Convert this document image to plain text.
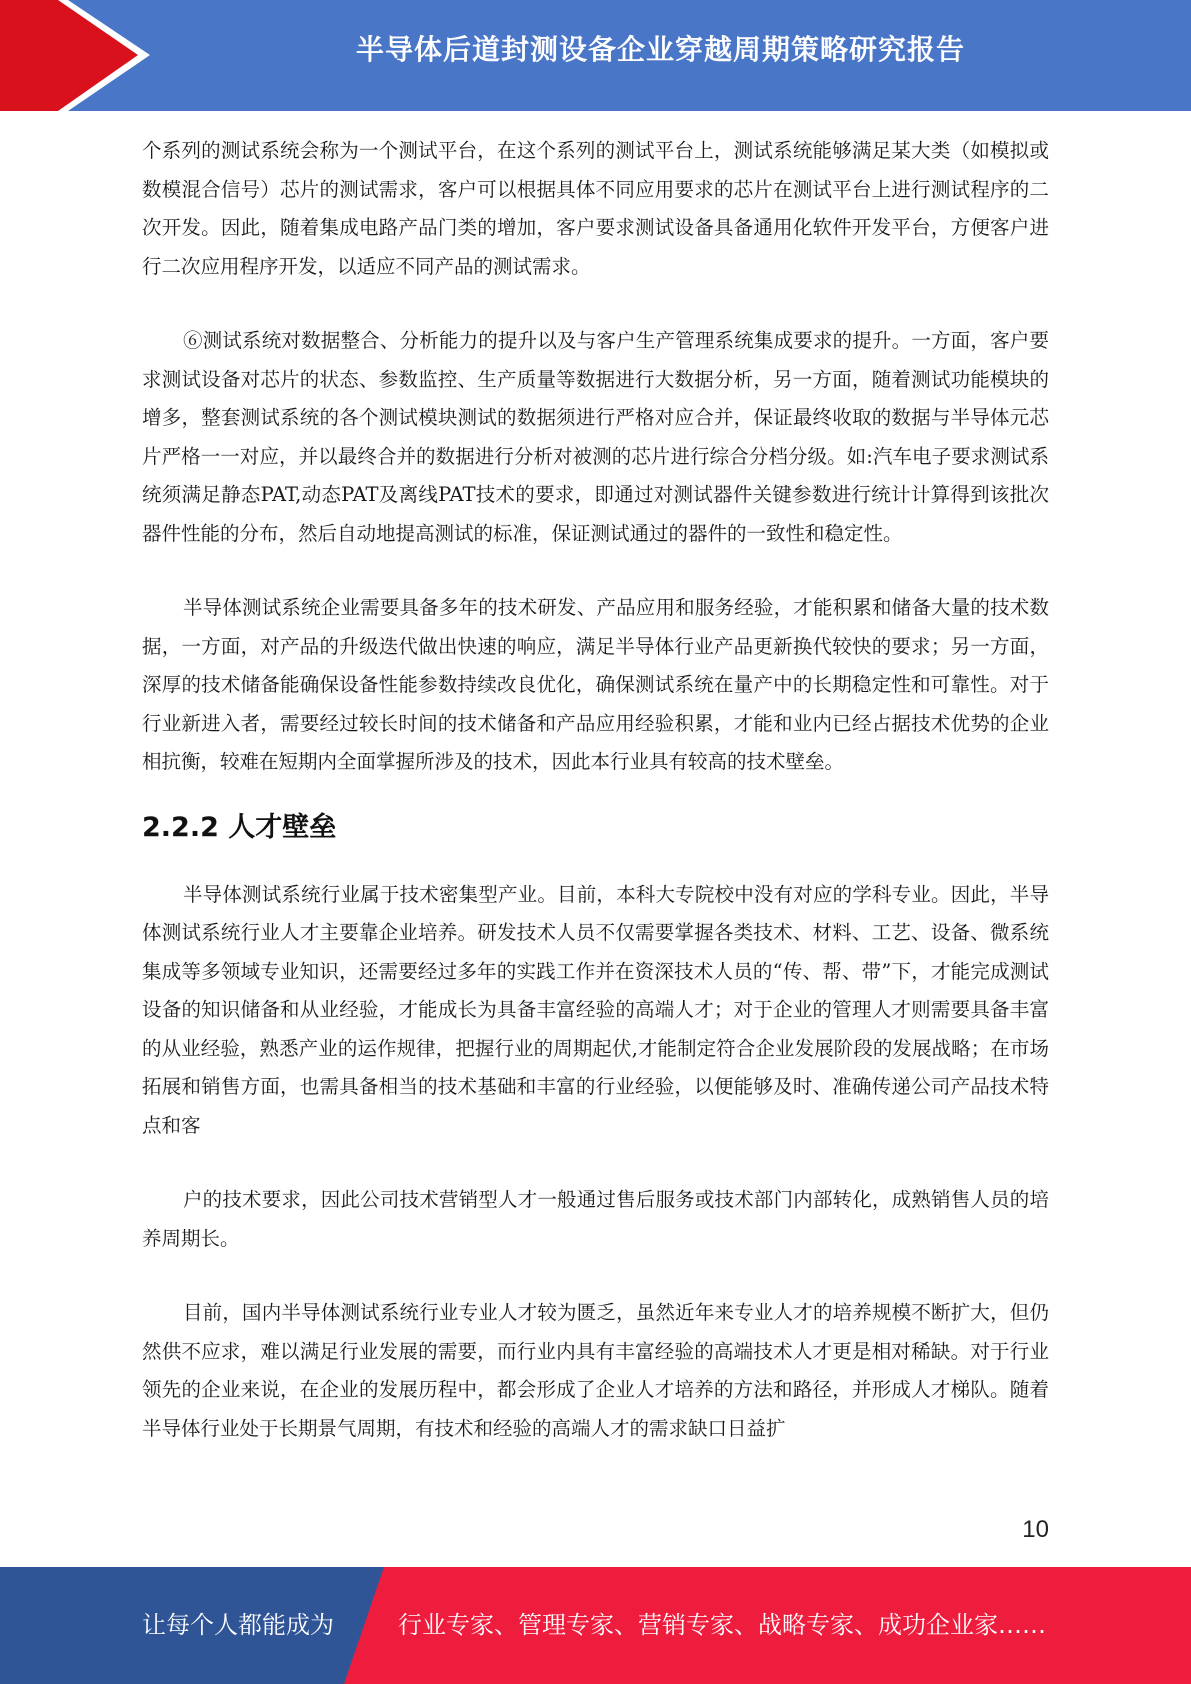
半导体后道封测设备企业穿越周期策略研究报告

个系列的测试系统会称为一个测试平台，在这个系列的测试平台上，测试系统能够满足某大类（如模拟或数模混合信号）芯片的测试需求，客户可以根据具体不同应用要求的芯片在测试平台上进行测试程序的二次开发。因此，随着集成电路产品门类的增加，客户要求测试设备具备通用化软件开发平台，方便客户进行二次应用程序开发，以适应不同产品的测试需求。

⑥测试系统对数据整合、分析能力的提升以及与客户生产管理系统集成要求的提升。一方面，客户要求测试设备对芯片的状态、参数监控、生产质量等数据进行大数据分析，另一方面，随着测试功能模块的增多，整套测试系统的各个测试模块测试的数据须进行严格对应合并，保证最终收取的数据与半导体元芯片严格一一对应，并以最终合并的数据进行分析对被测的芯片进行综合分档分级。如:汽车电子要求测试系统须满足静态PAT,动态PAT及离线PAT技术的要求，即通过对测试器件关键参数进行统计计算得到该批次器件性能的分布，然后自动地提高测试的标准，保证测试通过的器件的一致性和稳定性。

半导体测试系统企业需要具备多年的技术研发、产品应用和服务经验，才能积累和储备大量的技术数据，一方面，对产品的升级迭代做出快速的响应，满足半导体行业产品更新换代较快的要求；另一方面，深厚的技术储备能确保设备性能参数持续改良优化，确保测试系统在量产中的长期稳定性和可靠性。对于行业新进入者，需要经过较长时间的技术储备和产品应用经验积累，才能和业内已经占据技术优势的企业相抗衡，较难在短期内全面掌握所涉及的技术，因此本行业具有较高的技术壁垒。

2.2.2 人才壁垒

半导体测试系统行业属于技术密集型产业。目前，本科大专院校中没有对应的学科专业。因此，半导体测试系统行业人才主要靠企业培养。研发技术人员不仅需要掌握各类技术、材料、工艺、设备、微系统集成等多领域专业知识，还需要经过多年的实践工作并在资深技术人员的“传、帮、带”下，才能完成测试设备的知识储备和从业经验，才能成长为具备丰富经验的高端人才；对于企业的管理人才则需要具备丰富的从业经验，熟悉产业的运作规律，把握行业的周期起伏,才能制定符合企业发展阶段的发展战略；在市场拓展和销售方面，也需具备相当的技术基础和丰富的行业经验，以便能够及时、准确传递公司产品技术特点和客

户的技术要求，因此公司技术营销型人才一般通过售后服务或技术部门内部转化，成熟销售人员的培养周期长。

目前，国内半导体测试系统行业专业人才较为匮乏，虽然近年来专业人才的培养规模不断扩大，但仍然供不应求，难以满足行业发展的需要，而行业内具有丰富经验的高端技术人才更是相对稀缺。对于行业领先的企业来说，在企业的发展历程中，都会形成了企业人才培养的方法和路径，并形成人才梯队。随着半导体行业处于长期景气周期，有技术和经验的高端人才的需求缺口日益扩

10
让每个人都能成为	行业专家、管理专家、营销专家、战略专家、成功企业家……
